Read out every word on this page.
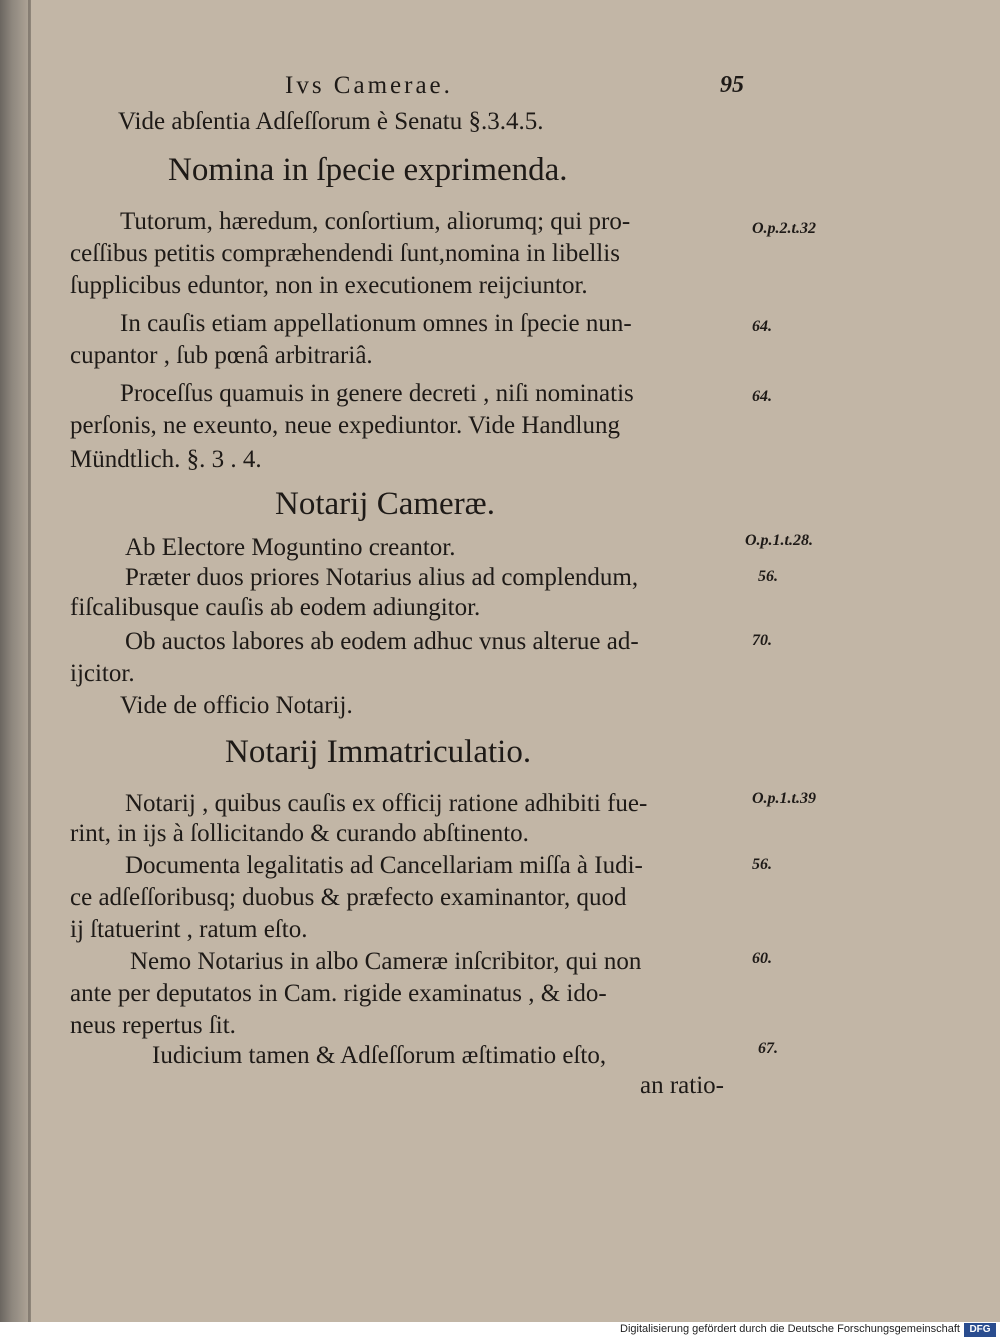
Ivs Camerae.	95
Vide abſentia Adſeſſorum è Senatu §.3.4.5.
Nomina in ſpecie exprimenda.
Tutorum, hæredum, conſortium, aliorumq; qui pro-
ceſſibus petitis compræhendendi ſunt,nomina in libellis
ſupplicibus eduntor, non in executionem reijciuntor.
In cauſis etiam appellationum omnes in ſpecie nun-
cupantor , ſub pœnâ arbitrariâ.
Proceſſus quamuis in genere decreti , niſi nominatis
perſonis, ne exeunto, neue expediuntor. Vide Handlung
Mündtlich. §. 3 . 4.
Notarij Cameræ.
Ab Electore Moguntino creantor.
Præter duos priores Notarius alius ad complendum,
fiſcalibusque cauſis ab eodem adiungitor.
Ob auctos labores ab eodem adhuc vnus alterue ad-
ijcitor.
Vide de officio Notarij.
Notarij Immatriculatio.
Notarij , quibus cauſis ex officij ratione adhibiti fue-
rint, in ijs à ſollicitando & curando abſtinento.
Documenta legalitatis ad Cancellariam miſſa à Iudi-
ce adſeſſoribusq; duobus & præfecto examinantor, quod
ij ſtatuerint , ratum eſto.
Nemo Notarius in albo Cameræ inſcribitor, qui non
ante per deputatos in Cam. rigide examinatus , & ido-
neus repertus ſit.
Iudicium tamen & Adſeſſorum æſtimatio eſto,
an ratio-
O.p.2.t.32
64.
64.
O.p.1.t.28.
56.
70.
O.p.1.t.39
56.
60.
67.
Digitalisierung gefördert durch die Deutsche Forschungsgemeinschaft DFG
